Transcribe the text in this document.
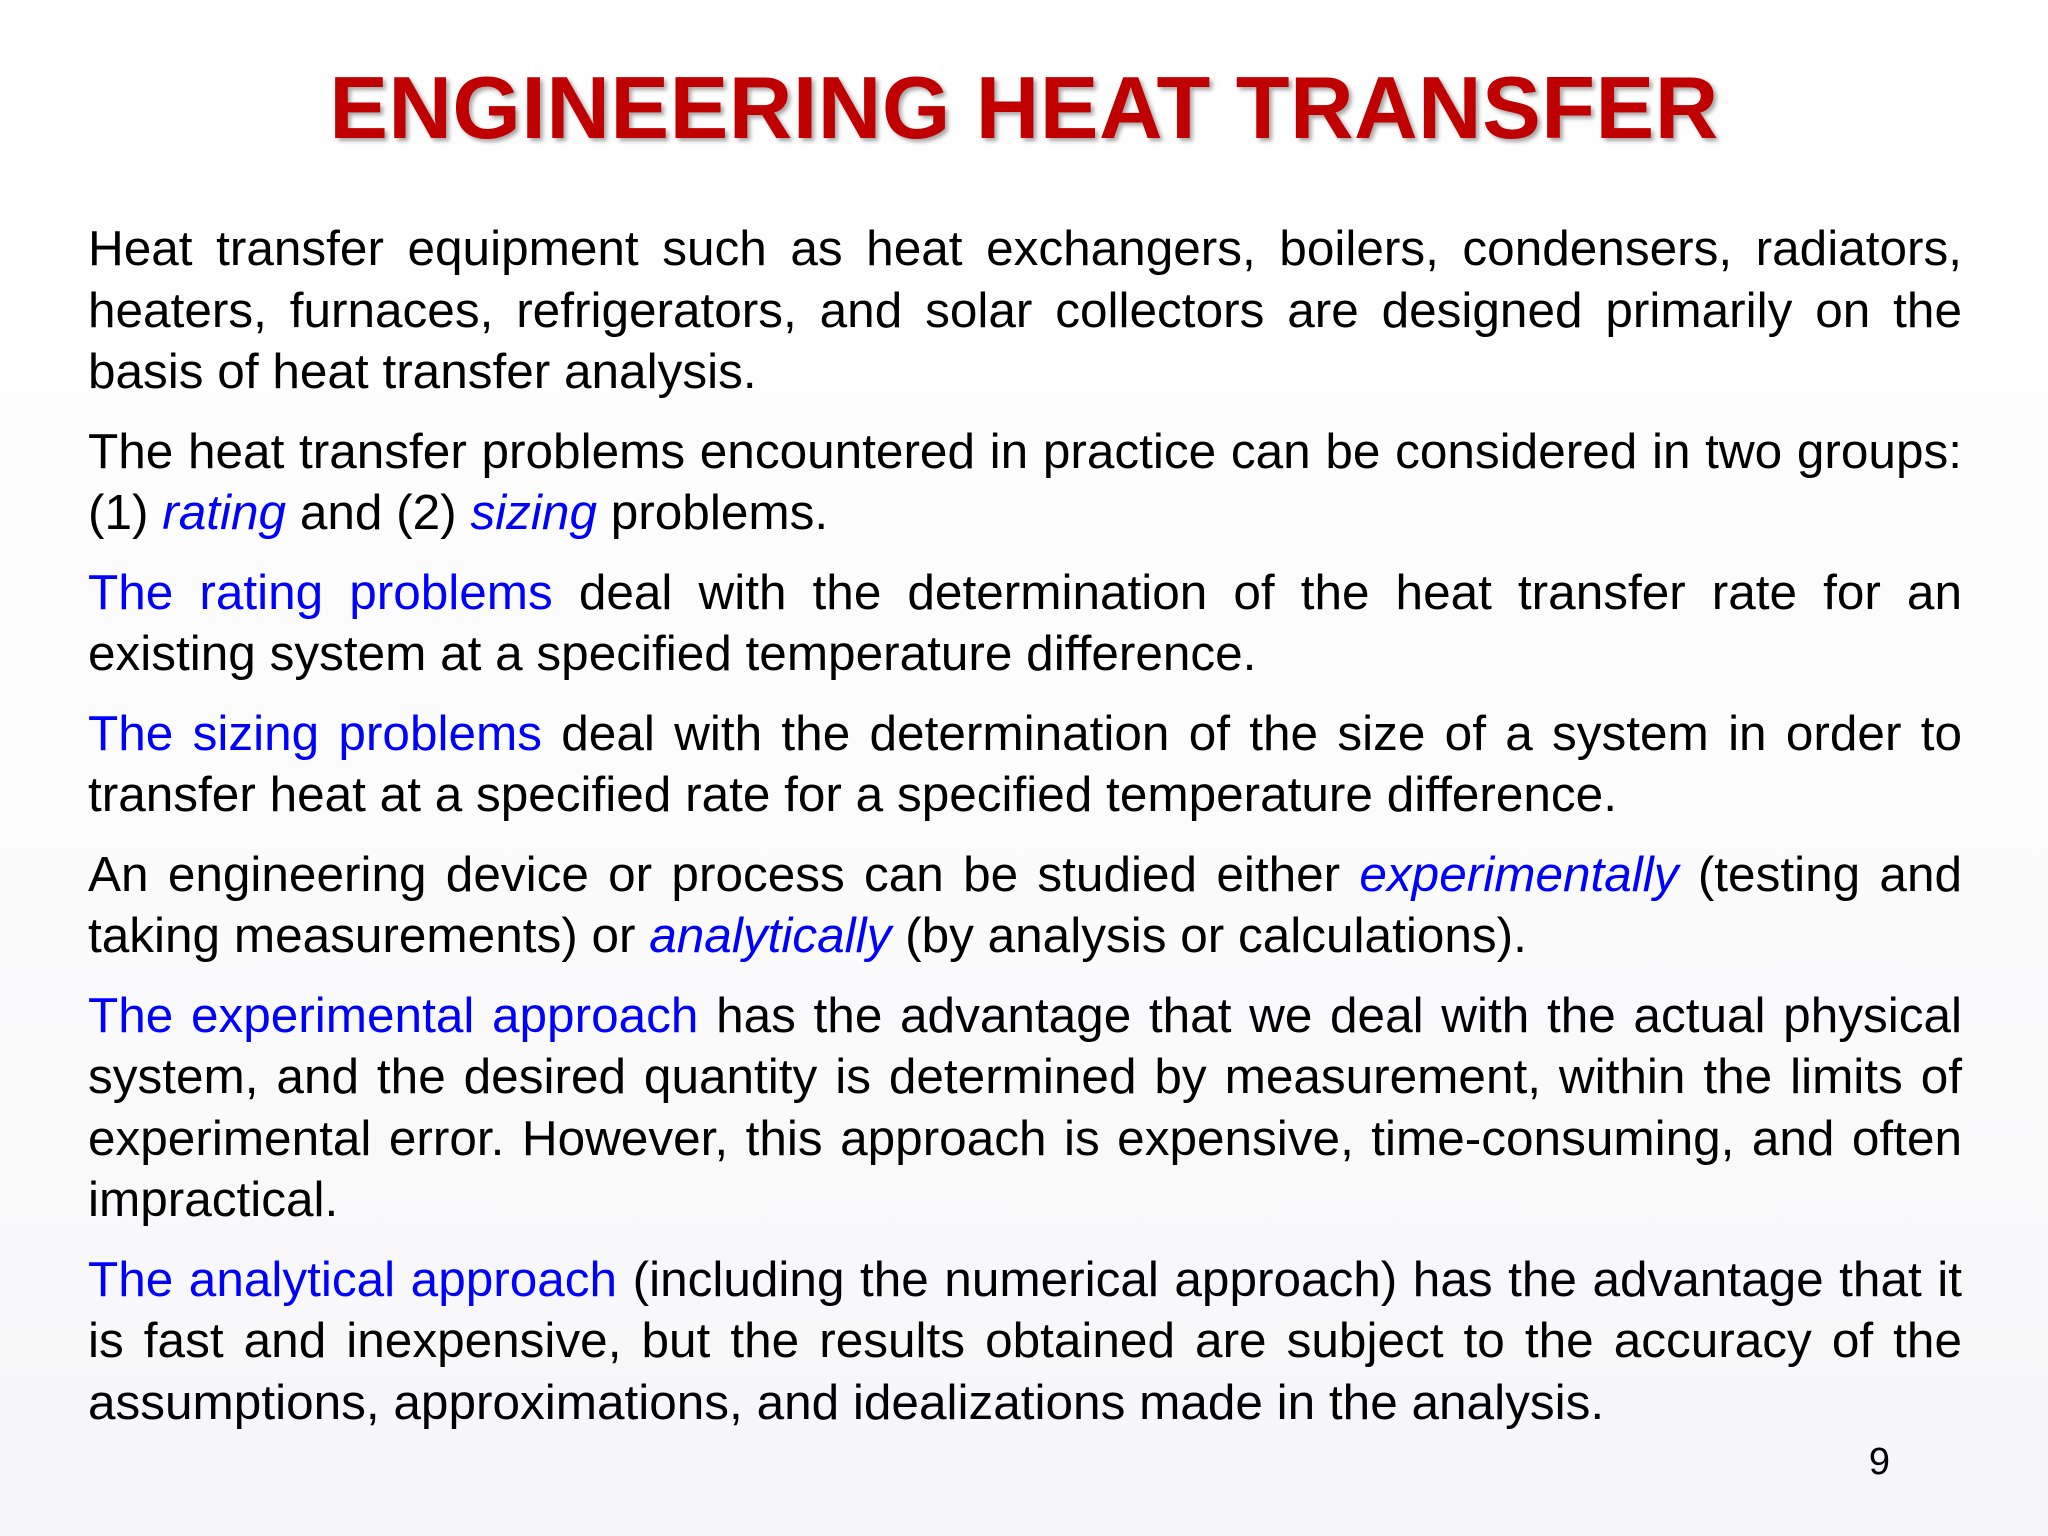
ENGINEERING HEAT TRANSFER

Heat transfer equipment such as heat exchangers, boilers, condensers, radiators, heaters, furnaces, refrigerators, and solar collectors are designed primarily on the basis of heat transfer analysis.

The heat transfer problems encountered in practice can be considered in two groups: (1) rating and (2) sizing problems.

The rating problems deal with the determination of the heat transfer rate for an existing system at a specified temperature difference.

The sizing problems deal with the determination of the size of a system in order to transfer heat at a specified rate for a specified temperature difference.

An engineering device or process can be studied either experimentally (testing and taking measurements) or analytically (by analysis or calculations).

The experimental approach has the advantage that we deal with the actual physical system, and the desired quantity is determined by measurement, within the limits of experimental error. However, this approach is expensive, time-consuming, and often impractical.

The analytical approach (including the numerical approach) has the advantage that it is fast and inexpensive, but the results obtained are subject to the accuracy of the assumptions, approximations, and idealizations made in the analysis.

9
